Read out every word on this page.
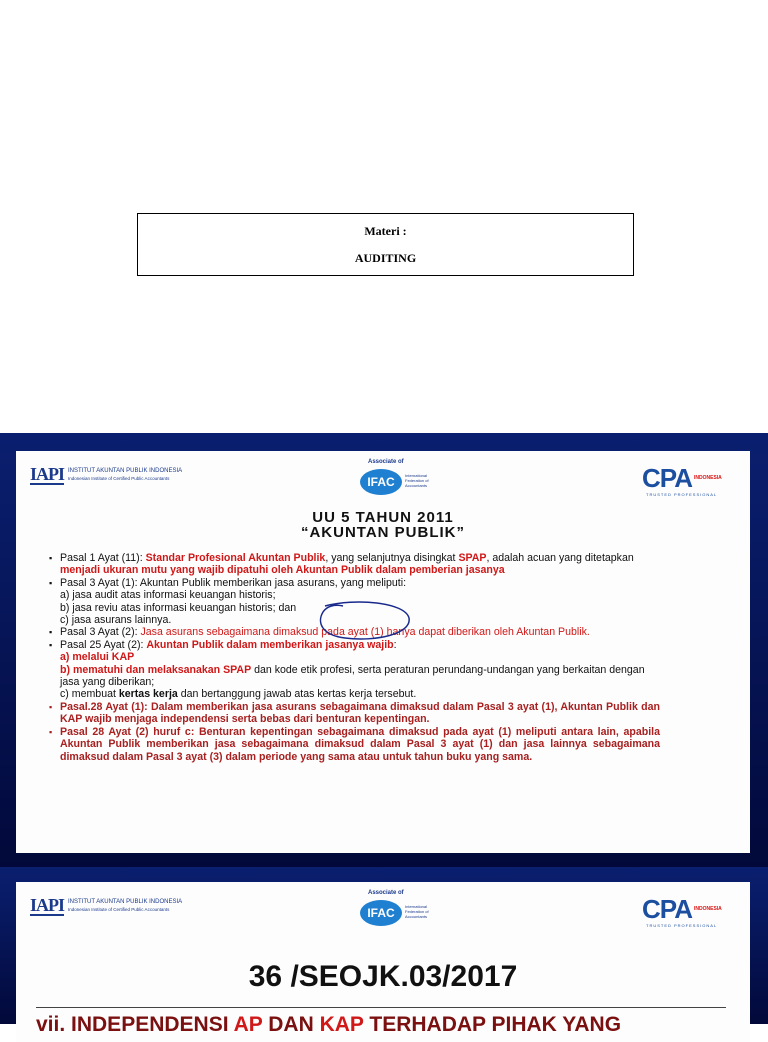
Materi :
AUDITING
IAPI INSTITUT AKUNTAN PUBLIK INDONESIA
Indonesian Institute of Certified Public Accountants
Associate of
IFAC	International Federation of Accountants	CPA INDONESIA
TRUSTED PROFESSIONAL
UU 5 TAHUN 2011
“AKUNTAN PUBLIK”
▪ Pasal 1 Ayat (11): Standar Profesional Akuntan Publik, yang selanjutnya disingkat SPAP, adalah acuan yang ditetapkan menjadi ukuran mutu yang wajib dipatuhi oleh Akuntan Publik dalam pemberian jasanya
▪ Pasal 3 Ayat (1): Akuntan Publik memberikan jasa asurans, yang meliputi:
a) jasa audit atas informasi keuangan historis;
b) jasa reviu atas informasi keuangan historis; dan
c) jasa asurans lainnya.
▪ Pasal 3 Ayat (2): Jasa asurans sebagaimana dimaksud pada ayat (1) hanya dapat diberikan oleh Akuntan Publik.
▪ Pasal 25 Ayat (2): Akuntan Publik dalam memberikan jasanya wajib:
a) melalui KAP
b) mematuhi dan melaksanakan SPAP dan kode etik profesi, serta peraturan perundang-undangan yang berkaitan dengan jasa yang diberikan;
c) membuat kertas kerja dan bertanggung jawab atas kertas kerja tersebut.
▪ Pasal.28 Ayat (1): Dalam memberikan jasa asurans sebagaimana dimaksud dalam Pasal 3 ayat (1), Akuntan Publik dan KAP wajib menjaga independensi serta bebas dari benturan kepentingan.
▪ Pasal 28 Ayat (2) huruf c: Benturan kepentingan sebagaimana dimaksud pada ayat (1) meliputi antara lain, apabila Akuntan Publik memberikan jasa sebagaimana dimaksud dalam Pasal 3 ayat (1) dan jasa lainnya sebagaimana dimaksud dalam Pasal 3 ayat (3) dalam periode yang sama atau untuk tahun buku yang sama.
IAPI INSTITUT AKUNTAN PUBLIK INDONESIA
Indonesian Institute of Certified Public Accountants
Associate of
IFAC	International Federation of Accountants	CPA INDONESIA
TRUSTED PROFESSIONAL
36 /SEOJK.03/2017
vii. INDEPENDENSI AP DAN KAP TERHADAP PIHAK YANG
